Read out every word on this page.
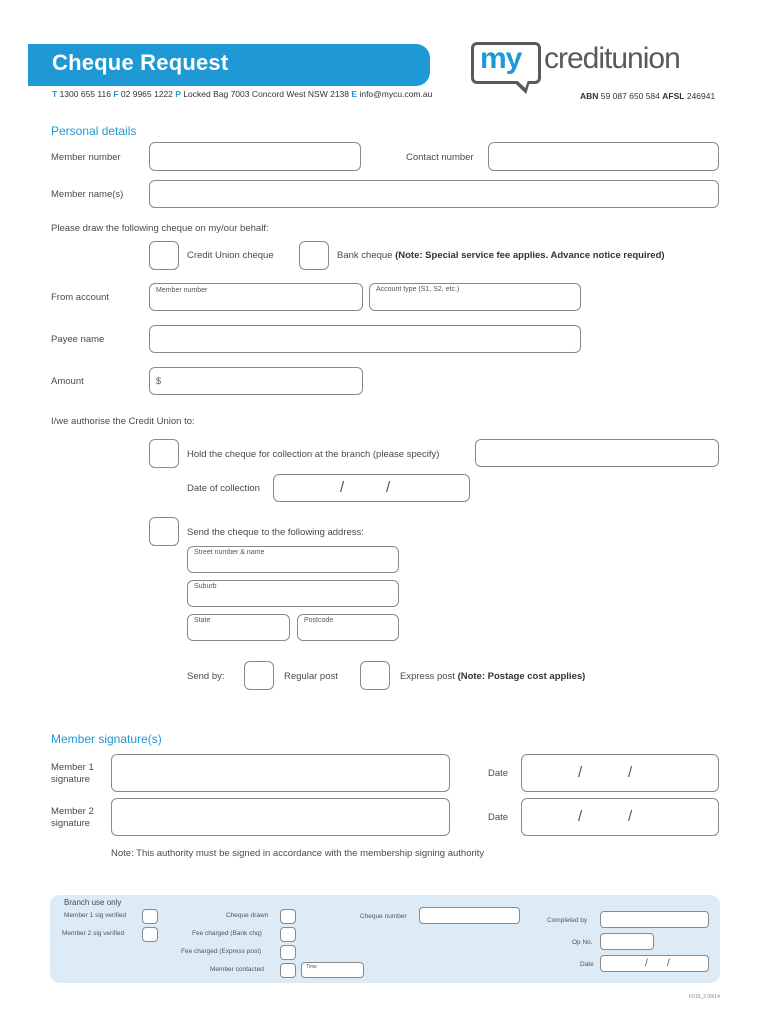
Cheque Request
T 1300 655 116 F 02 9965 1222 P Locked Bag 7003 Concord West NSW 2138 E info@mycu.com.au
my creditunion
ABN 59 087 650 584 AFSL 246941
Personal details
Member number	Contact number
Member name(s)
Please draw the following cheque on my/our behalf:
Credit Union cheque	Bank cheque (Note: Special service fee applies. Advance notice required)
From account
Member number	Account type (S1, S2, etc.)
Payee name
Amount	$
I/we authorise the Credit Union to:
Hold the cheque for collection at the branch (please specify)
Date of collection	/	/
Send the cheque to the following address:
Street number & name
Suburb
State	Postcode
Send by:	Regular post	Express post (Note: Postage cost applies)
Member signature(s)
Member 1
signature
Date	/	/
Member 2
signature
Date	/	/
Note: This authority must be signed in accordance with the membership signing authority
Branch use only
Member 1 sig verified
Member 2 sig verified
Cheque drawn
Fee charged (Bank chq)
Fee charged (Express post)
Member contacted	Time
Cheque number
Completed by
Op No.
Date	/ /
F010_3 09/14
